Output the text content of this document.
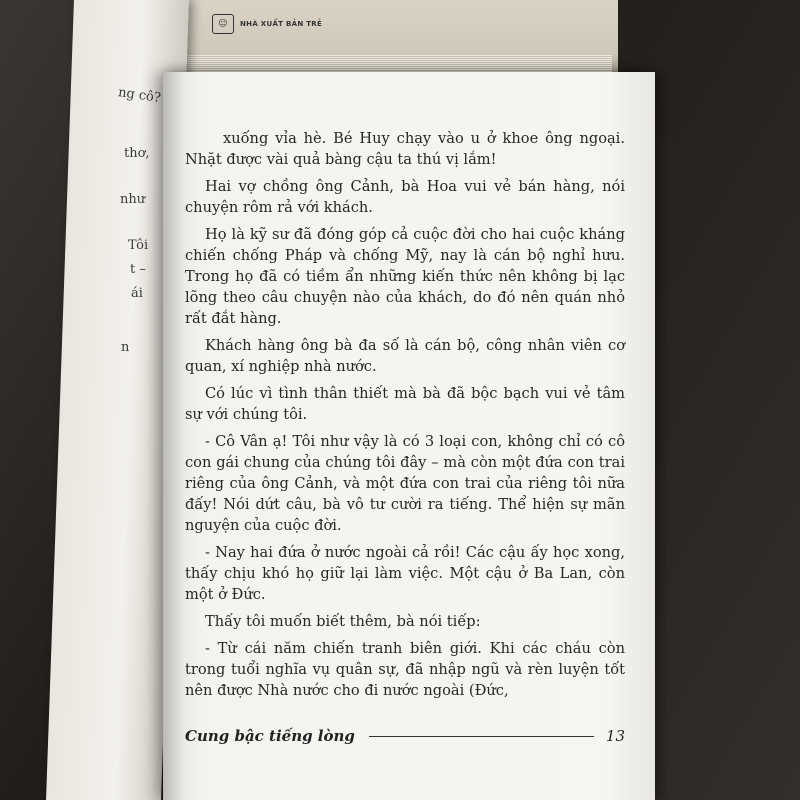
☺	NHÀ XUẤT BẢN TRẺ
ng cô?
thơ,
như
Tôi
t –
ái
n

xuống vỉa hè. Bé Huy chạy vào u ở khoe ông ngoại. Nhặt được vài quả bàng cậu ta thú vị lắm!

Hai vợ chồng ông Cảnh, bà Hoa vui vẻ bán hàng, nói chuyện rôm rả với khách.

Họ là kỹ sư đã đóng góp cả cuộc đời cho hai cuộc kháng chiến chống Pháp và chống Mỹ, nay là cán bộ nghỉ hưu. Trong họ đã có tiềm ẩn những kiến thức nên không bị lạc lõng theo câu chuyện nào của khách, do đó nên quán nhỏ rất đắt hàng.

Khách hàng ông bà đa số là cán bộ, công nhân viên cơ quan, xí nghiệp nhà nước.

Có lúc vì tình thân thiết mà bà đã bộc bạch vui vẻ tâm sự với chúng tôi.

- Cô Vân ạ! Tôi như vậy là có 3 loại con, không chỉ có cô con gái chung của chúng tôi đây – mà còn một đứa con trai riêng của ông Cảnh, và một đứa con trai của riêng tôi nữa đấy! Nói dứt câu, bà vô tư cười ra tiếng. Thể hiện sự mãn nguyện của cuộc đời.

- Nay hai đứa ở nước ngoài cả rồi! Các cậu ấy học xong, thấy chịu khó họ giữ lại làm việc. Một cậu ở Ba Lan, còn một ở Đức.

Thấy tôi muốn biết thêm, bà nói tiếp:

- Từ cái năm chiến tranh biên giới. Khi các cháu còn trong tuổi nghĩa vụ quân sự, đã nhập ngũ và rèn luyện tốt nên được Nhà nước cho đi nước ngoài (Đức,

Cung bậc tiếng lòng	13
